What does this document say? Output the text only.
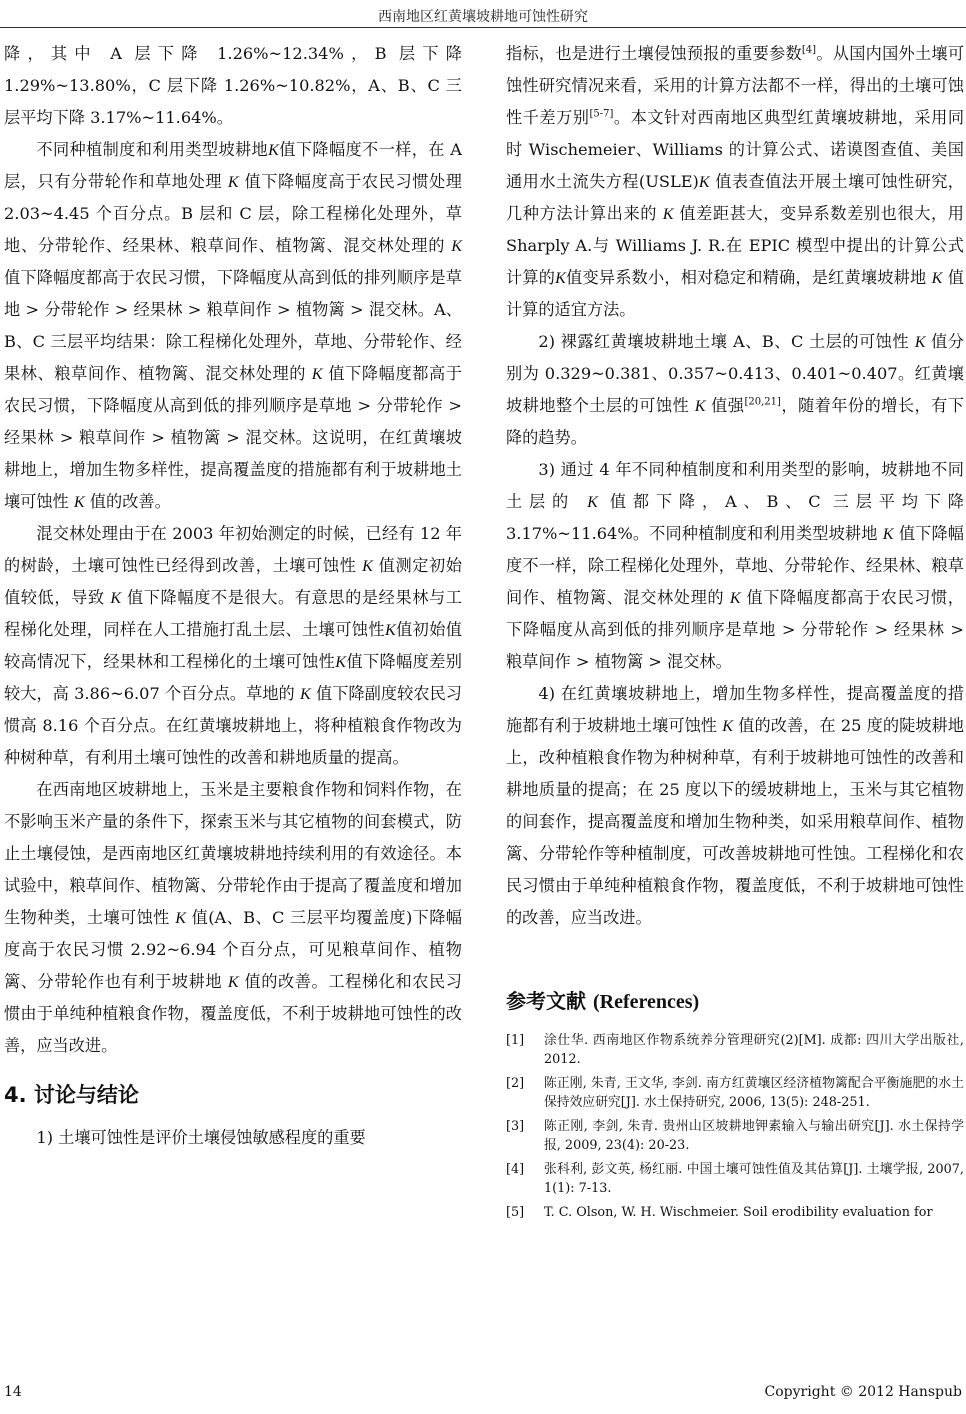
西南地区红黄壤坡耕地可蚀性研究

降，其中 A 层下降 1.26%~12.34%，B 层下降 1.29%~13.80%，C 层下降 1.26%~10.82%，A、B、C 三层平均下降 3.17%~11.64%。

不同种植制度和利用类型坡耕地K值下降幅度不一样，在 A 层，只有分带轮作和草地处理 K 值下降幅度高于农民习惯处理 2.03~4.45 个百分点。B 层和 C 层，除工程梯化处理外，草地、分带轮作、经果林、粮草间作、植物篱、混交林处理的 K 值下降幅度都高于农民习惯，下降幅度从高到低的排列顺序是草地 > 分带轮作 > 经果林 > 粮草间作 > 植物篱 > 混交林。A、B、C 三层平均结果：除工程梯化处理外，草地、分带轮作、经果林、粮草间作、植物篱、混交林处理的 K 值下降幅度都高于农民习惯，下降幅度从高到低的排列顺序是草地 > 分带轮作 > 经果林 > 粮草间作 > 植物篱 > 混交林。这说明，在红黄壤坡耕地上，增加生物多样性，提高覆盖度的措施都有利于坡耕地土壤可蚀性 K 值的改善。

混交林处理由于在 2003 年初始测定的时候，已经有 12 年的树龄，土壤可蚀性已经得到改善，土壤可蚀性 K 值测定初始值较低，导致 K 值下降幅度不是很大。有意思的是经果林与工程梯化处理，同样在人工措施打乱土层、土壤可蚀性K值初始值较高情况下，经果林和工程梯化的土壤可蚀性K值下降幅度差别较大，高 3.86~6.07 个百分点。草地的 K 值下降副度较农民习惯高 8.16 个百分点。在红黄壤坡耕地上，将种植粮食作物改为种树种草，有利用土壤可蚀性的改善和耕地质量的提高。

在西南地区坡耕地上，玉米是主要粮食作物和饲料作物，在不影响玉米产量的条件下，探索玉米与其它植物的间套模式，防止土壤侵蚀，是西南地区红黄壤坡耕地持续利用的有效途径。本试验中，粮草间作、植物篱、分带轮作由于提高了覆盖度和增加生物种类，土壤可蚀性 K 值(A、B、C 三层平均覆盖度)下降幅度高于农民习惯 2.92~6.94 个百分点，可见粮草间作、植物篱、分带轮作也有利于坡耕地 K 值的改善。工程梯化和农民习惯由于单纯种植粮食作物，覆盖度低，不利于坡耕地可蚀性的改善，应当改进。

4. 讨论与结论

1) 土壤可蚀性是评价土壤侵蚀敏感程度的重要

指标，也是进行土壤侵蚀预报的重要参数[4]。从国内国外土壤可蚀性研究情况来看，采用的计算方法都不一样，得出的土壤可蚀性千差万别[5-7]。本文针对西南地区典型红黄壤坡耕地，采用同时 Wischemeier、Williams 的计算公式、诺谟图查值、美国通用水土流失方程(USLE)K 值表查值法开展土壤可蚀性研究，几种方法计算出来的 K 值差距甚大，变异系数差别也很大，用 Sharply A.与 Williams J. R.在 EPIC 模型中提出的计算公式计算的K值变异系数小，相对稳定和精确，是红黄壤坡耕地 K 值计算的适宜方法。

2) 裸露红黄壤坡耕地土壤 A、B、C 土层的可蚀性 K 值分别为 0.329~0.381、0.357~0.413、0.401~0.407。红黄壤坡耕地整个土层的可蚀性 K 值强[20,21]，随着年份的增长，有下降的趋势。

3) 通过 4 年不同种植制度和利用类型的影响，坡耕地不同土层的 K 值都下降，A、B、C 三层平均下降 3.17%~11.64%。不同种植制度和利用类型坡耕地 K 值下降幅度不一样，除工程梯化处理外，草地、分带轮作、经果林、粮草间作、植物篱、混交林处理的 K 值下降幅度都高于农民习惯，下降幅度从高到低的排列顺序是草地 > 分带轮作 > 经果林 > 粮草间作 > 植物篱 > 混交林。

4) 在红黄壤坡耕地上，增加生物多样性，提高覆盖度的措施都有利于坡耕地土壤可蚀性 K 值的改善，在 25 度的陡坡耕地上，改种植粮食作物为种树种草，有利于坡耕地可蚀性的改善和耕地质量的提高；在 25 度以下的缓坡耕地上，玉米与其它植物的间套作，提高覆盖度和增加生物种类，如采用粮草间作、植物篱、分带轮作等种植制度，可改善坡耕地可性蚀。工程梯化和农民习惯由于单纯种植粮食作物，覆盖度低，不利于坡耕地可蚀性的改善，应当改进。

参考文献 (References)
[1]	涂仕华. 西南地区作物系统养分管理研究(2)[M]. 成都: 四川大学出版社, 2012.
[2]	陈正刚, 朱青, 王文华, 李剑. 南方红黄壤区经济植物篱配合平衡施肥的水土保持效应研究[J]. 水土保持研究, 2006, 13(5): 248-251.
[3]	陈正刚, 李剑, 朱青. 贵州山区坡耕地钾素输入与输出研究[J]. 水土保持学报, 2009, 23(4): 20-23.
[4]	张科利, 彭文英, 杨红丽. 中国土壤可蚀性值及其估算[J]. 土壤学报, 2007, 1(1): 7-13.
[5]	T. C. Olson, W. H. Wischmeier. Soil erodibility evaluation for
14	Copyright © 2012 Hanspub
